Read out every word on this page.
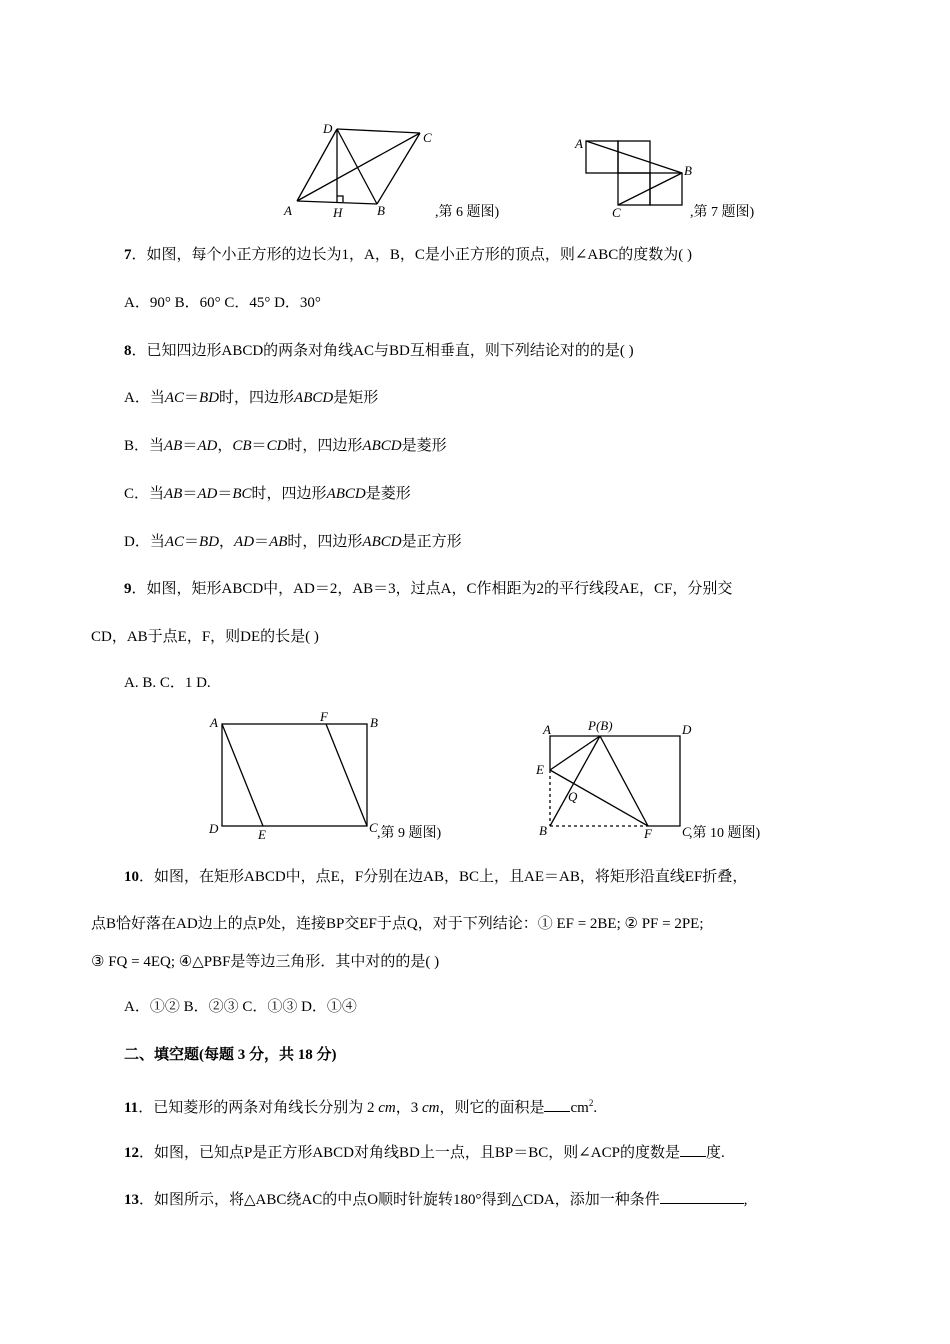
A	H	B
D
C
,第 6 题图)
A
B
C	,第 7 题图)
7．如图，每个小正方形的边长为1，A，B，C是小正方形的顶点，则∠ABC的度数为( )
A．90° B．60° C．45° D．30°
8．已知四边形ABCD的两条对角线AC与BD互相垂直，则下列结论对的的是( )
A．当AC＝BD时，四边形ABCD是矩形
B．当AB＝AD，CB＝CD时，四边形ABCD是菱形
C．当AB＝AD＝BC时，四边形ABCD是菱形
D．当AC＝BD，AD＝AB时，四边形ABCD是正方形
9．如图，矩形ABCD中，AD＝2，AB＝3，过点A，C作相距为2的平行线段AE，CF，分别交
CD，AB于点E，F，则DE的长是( )
A. B. C．1 D.
A	F	B
D	E	C ,第 9 题图)
A	P(B)	D
E
Q
B	F C
,第 10 题图)
10．如图，在矩形ABCD中，点E，F分别在边AB，BC上，且AE＝AB，将矩形沿直线EF折叠，
点B恰好落在AD边上的点P处，连接BP交EF于点Q，对于下列结论：① EF = 2BE; ② PF = 2PE;
③ FQ = 4EQ; ④△PBF是等边三角形．其中对的的是( )
A．①② B．②③ C．①③ D．①④
二、填空题(每题 3 分，共 18 分)
11．已知菱形的两条对角线长分别为 2 cm，3 cm，则它的面积是 $cm^2$.
12．如图，已知点P是正方形ABCD对角线BD上一点，且BP＝BC，则∠ACP的度数是 度.
13．如图所示，将△ABC绕AC的中点O顺时针旋转180°得到△CDA，添加一种条件	,
